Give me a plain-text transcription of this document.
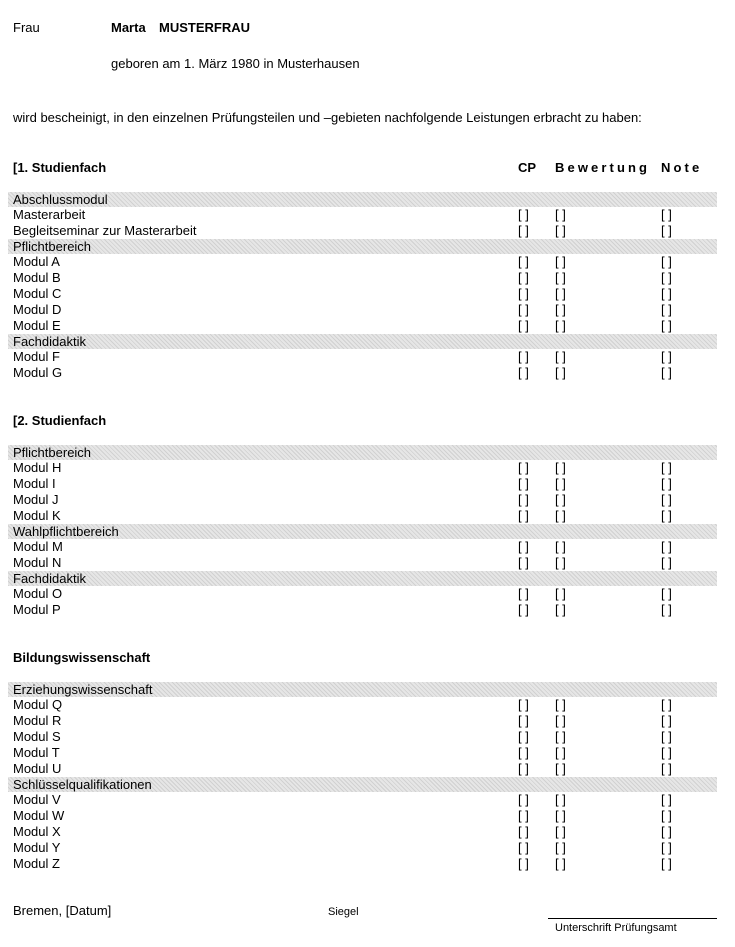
Frau	Marta MUSTERFRAU
geboren am 1. März 1980 in Musterhausen
wird bescheinigt, in den einzelnen Prüfungsteilen und –gebieten nachfolgende Leistungen erbracht zu haben:
[1. Studienfach	CP Bewertung Note
Abschlussmodul
Masterarbeit	[ ] [ ]	[ ]
Begleitseminar zur Masterarbeit	[ ] [ ]	[ ]
Pflichtbereich
Modul A	[ ] [ ]	[ ]
Modul B	[ ] [ ]	[ ]
Modul C	[ ] [ ]	[ ]
Modul D	[ ] [ ]	[ ]
Modul E	[ ] [ ]	[ ]
Fachdidaktik
Modul F	[ ] [ ]	[ ]
Modul G	[ ] [ ]	[ ]
[2. Studienfach
Pflichtbereich
Modul H	[ ] [ ]	[ ]
Modul I	[ ] [ ]	[ ]
Modul J	[ ] [ ]	[ ]
Modul K	[ ] [ ]	[ ]
Wahlpflichtbereich
Modul M	[ ] [ ]	[ ]
Modul N	[ ] [ ]	[ ]
Fachdidaktik
Modul O	[ ] [ ]	[ ]
Modul P	[ ] [ ]	[ ]
Bildungswissenschaft
Erziehungswissenschaft
Modul Q	[ ] [ ]	[ ]
Modul R	[ ] [ ]	[ ]
Modul S	[ ] [ ]	[ ]
Modul T	[ ] [ ]	[ ]
Modul U	[ ] [ ]	[ ]
Schlüsselqualifikationen
Modul V	[ ] [ ]	[ ]
Modul W	[ ] [ ]	[ ]
Modul X	[ ] [ ]	[ ]
Modul Y	[ ] [ ]	[ ]
Modul Z	[ ] [ ]	[ ]
Bremen, [Datum]	Siegel
Unterschrift Prüfungsamt
